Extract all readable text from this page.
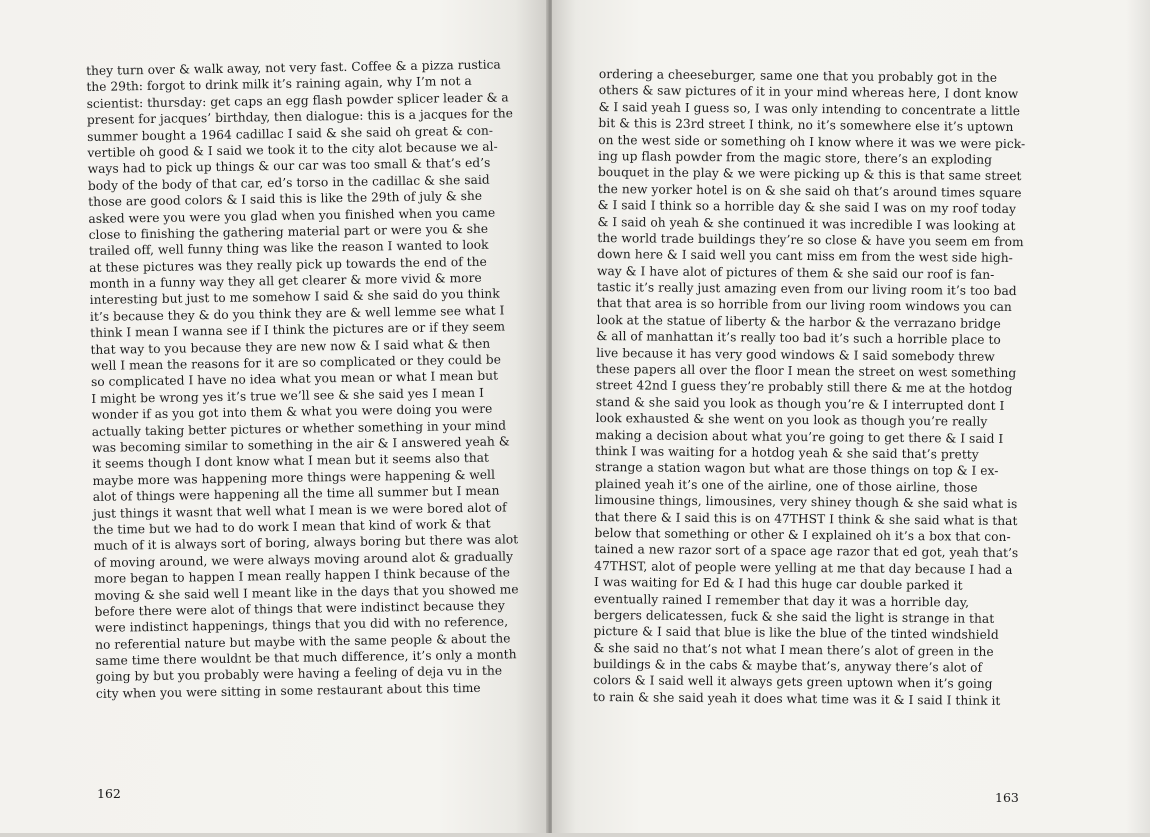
they turn over & walk away, not very fast. Coffee & a pizza rustica
the 29th: forgot to drink milk it’s raining again, why I’m not a
scientist: thursday: get caps an egg flash powder splicer leader & a
present for jacques’ birthday, then dialogue: this is a jacques for the
summer bought a 1964 cadillac I said & she said oh great & con-
vertible oh good & I said we took it to the city alot because we al-
ways had to pick up things & our car was too small & that’s ed’s
body of the body of that car, ed’s torso in the cadillac & she said
those are good colors & I said this is like the 29th of july & she
asked were you were you glad when you finished when you came
close to finishing the gathering material part or were you & she
trailed off, well funny thing was like the reason I wanted to look
at these pictures was they really pick up towards the end of the
month in a funny way they all get clearer & more vivid & more
interesting but just to me somehow I said & she said do you think
it’s because they & do you think they are & well lemme see what I
think I mean I wanna see if I think the pictures are or if they seem
that way to you because they are new now & I said what & then
well I mean the reasons for it are so complicated or they could be
so complicated I have no idea what you mean or what I mean but
I might be wrong yes it’s true we’ll see & she said yes I mean I
wonder if as you got into them & what you were doing you were
actually taking better pictures or whether something in your mind
was becoming similar to something in the air & I answered yeah &
it seems though I dont know what I mean but it seems also that
maybe more was happening more things were happening & well
alot of things were happening all the time all summer but I mean
just things it wasnt that well what I mean is we were bored alot of
the time but we had to do work I mean that kind of work & that
much of it is always sort of boring, always boring but there was alot
of moving around, we were always moving around alot & gradually
more began to happen I mean really happen I think because of the
moving & she said well I meant like in the days that you showed me
before there were alot of things that were indistinct because they
were indistinct happenings, things that you did with no reference,
no referential nature but maybe with the same people & about the
same time there wouldnt be that much difference, it’s only a month
going by but you probably were having a feeling of deja vu in the
city when you were sitting in some restaurant about this time
162
ordering a cheeseburger, same one that you probably got in the
others & saw pictures of it in your mind whereas here, I dont know
& I said yeah I guess so, I was only intending to concentrate a little
bit & this is 23rd street I think, no it’s somewhere else it’s uptown
on the west side or something oh I know where it was we were pick-
ing up flash powder from the magic store, there’s an exploding
bouquet in the play & we were picking up & this is that same street
the new yorker hotel is on & she said oh that’s around times square
& I said I think so a horrible day & she said I was on my roof today
& I said oh yeah & she continued it was incredible I was looking at
the world trade buildings they’re so close & have you seem em from
down here & I said well you cant miss em from the west side high-
way & I have alot of pictures of them & she said our roof is fan-
tastic it’s really just amazing even from our living room it’s too bad
that that area is so horrible from our living room windows you can
look at the statue of liberty & the harbor & the verrazano bridge
& all of manhattan it’s really too bad it’s such a horrible place to
live because it has very good windows & I said somebody threw
these papers all over the floor I mean the street on west something
street 42nd I guess they’re probably still there & me at the hotdog
stand & she said you look as though you’re & I interrupted dont I
look exhausted & she went on you look as though you’re really
making a decision about what you’re going to get there & I said I
think I was waiting for a hotdog yeah & she said that’s pretty
strange a station wagon but what are those things on top & I ex-
plained yeah it’s one of the airline, one of those airline, those
limousine things, limousines, very shiney though & she said what is
that there & I said this is on 47THST I think & she said what is that
below that something or other & I explained oh it’s a box that con-
tained a new razor sort of a space age razor that ed got, yeah that’s
47THST, alot of people were yelling at me that day because I had a
I was waiting for Ed & I had this huge car double parked it
eventually rained I remember that day it was a horrible day,
bergers delicatessen, fuck & she said the light is strange in that
picture & I said that blue is like the blue of the tinted windshield
& she said no that’s not what I mean there’s alot of green in the
buildings & in the cabs & maybe that’s, anyway there’s alot of
colors & I said well it always gets green uptown when it’s going
to rain & she said yeah it does what time was it & I said I think it
163
